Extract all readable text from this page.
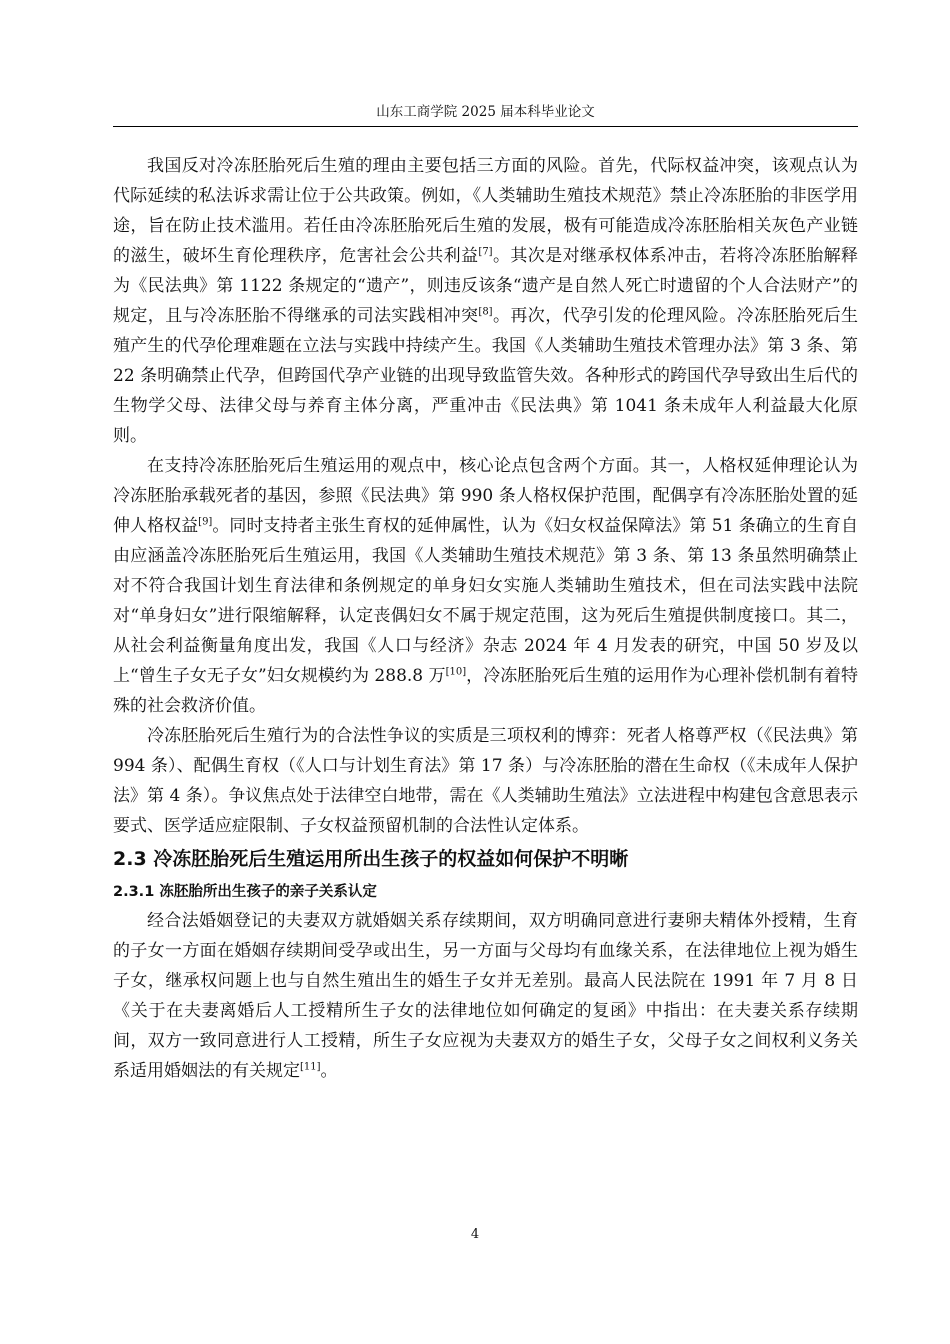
山东工商学院 2025 届本科毕业论文

我国反对冷冻胚胎死后生殖的理由主要包括三方面的风险。首先，代际权益冲突，该观点认为代际延续的私法诉求需让位于公共政策。例如，《人类辅助生殖技术规范》禁止冷冻胚胎的非医学用途，旨在防止技术滥用。若任由冷冻胚胎死后生殖的发展，极有可能造成冷冻胚胎相关灰色产业链的滋生，破坏生育伦理秩序，危害社会公共利益[7]。其次是对继承权体系冲击，若将冷冻胚胎解释为《民法典》第 1122 条规定的“遗产”，则违反该条“遗产是自然人死亡时遗留的个人合法财产”的规定，且与冷冻胚胎不得继承的司法实践相冲突[8]。再次，代孕引发的伦理风险。冷冻胚胎死后生殖产生的代孕伦理难题在立法与实践中持续产生。我国《人类辅助生殖技术管理办法》第 3 条、第 22 条明确禁止代孕，但跨国代孕产业链的出现导致监管失效。各种形式的跨国代孕导致出生后代的生物学父母、法律父母与养育主体分离，严重冲击《民法典》第 1041 条未成年人利益最大化原则。

在支持冷冻胚胎死后生殖运用的观点中，核心论点包含两个方面。其一，人格权延伸理论认为冷冻胚胎承载死者的基因，参照《民法典》第 990 条人格权保护范围，配偶享有冷冻胚胎处置的延伸人格权益[9]。同时支持者主张生育权的延伸属性，认为《妇女权益保障法》第 51 条确立的生育自由应涵盖冷冻胚胎死后生殖运用，我国《人类辅助生殖技术规范》第 3 条、第 13 条虽然明确禁止对不符合我国计划生育法律和条例规定的单身妇女实施人类辅助生殖技术，但在司法实践中法院对“单身妇女”进行限缩解释，认定丧偶妇女不属于规定范围，这为死后生殖提供制度接口。其二，从社会利益衡量角度出发，我国《人口与经济》杂志 2024 年 4 月发表的研究，中国 50 岁及以上“曾生子女无子女”妇女规模约为 288.8 万[10]，冷冻胚胎死后生殖的运用作为心理补偿机制有着特殊的社会救济价值。

冷冻胚胎死后生殖行为的合法性争议的实质是三项权利的博弈：死者人格尊严权（《民法典》第 994 条）、配偶生育权（《人口与计划生育法》第 17 条）与冷冻胚胎的潜在生命权（《未成年人保护法》第 4 条）。争议焦点处于法律空白地带，需在《人类辅助生殖法》立法进程中构建包含意思表示要式、医学适应症限制、子女权益预留机制的合法性认定体系。

2.3 冷冻胚胎死后生殖运用所出生孩子的权益如何保护不明晰
2.3.1 冻胚胎所出生孩子的亲子关系认定

经合法婚姻登记的夫妻双方就婚姻关系存续期间，双方明确同意进行妻卵夫精体外授精，生育的子女一方面在婚姻存续期间受孕或出生，另一方面与父母均有血缘关系，在法律地位上视为婚生子女，继承权问题上也与自然生殖出生的婚生子女并无差别。最高人民法院在 1991 年 7 月 8 日《关于在夫妻离婚后人工授精所生子女的法律地位如何确定的复函》中指出：在夫妻关系存续期间，双方一致同意进行人工授精，所生子女应视为夫妻双方的婚生子女，父母子女之间权利义务关系适用婚姻法的有关规定[11]。

4
